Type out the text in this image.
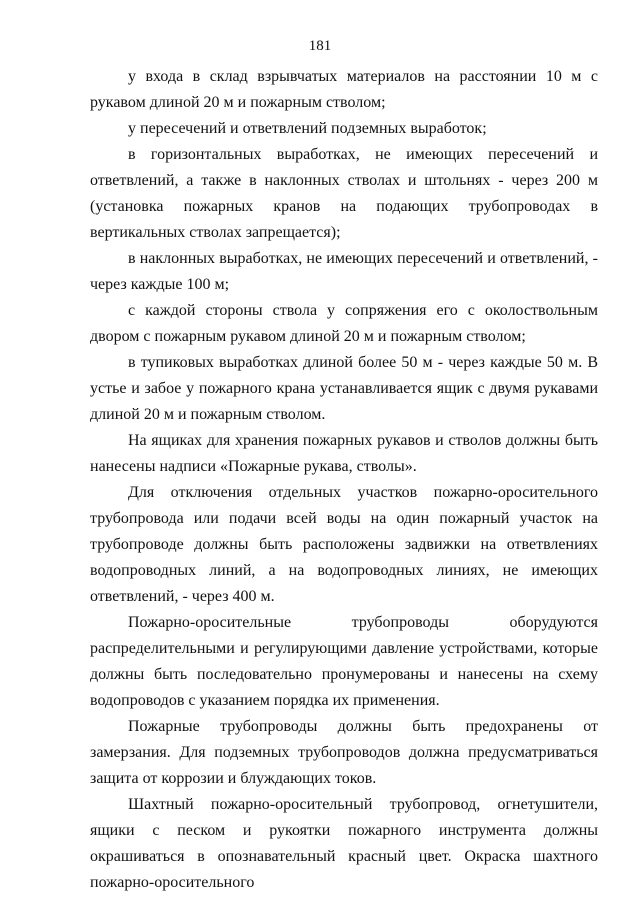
181

у входа в склад взрывчатых материалов на расстоянии 10 м с рукавом длиной 20 м и пожарным стволом;

у пересечений и ответвлений подземных выработок;

в горизонтальных выработках, не имеющих пересечений и ответвлений, а также в наклонных стволах и штольнях - через 200 м (установка пожарных кранов на подающих трубопроводах в вертикальных стволах запрещается);

в наклонных выработках, не имеющих пересечений и ответвлений, - через каждые 100 м;

с каждой стороны ствола у сопряжения его с околоствольным двором с пожарным рукавом длиной 20 м и пожарным стволом;

в тупиковых выработках длиной более 50 м - через каждые 50 м. В устье и забое у пожарного крана устанавливается ящик с двумя рукавами длиной 20 м и пожарным стволом.

На ящиках для хранения пожарных рукавов и стволов должны быть нанесены надписи «Пожарные рукава, стволы».

Для отключения отдельных участков пожарно-оросительного трубопровода или подачи всей воды на один пожарный участок на трубопроводе должны быть расположены задвижки на ответвлениях водопроводных линий, а на водопроводных линиях, не имеющих ответвлений, - через 400 м.

Пожарно-оросительные трубопроводы оборудуются распределительными и регулирующими давление устройствами, которые должны быть последовательно пронумерованы и нанесены на схему водопроводов с указанием порядка их применения.

Пожарные трубопроводы должны быть предохранены от замерзания. Для подземных трубопроводов должна предусматриваться защита от коррозии и блуждающих токов.

Шахтный пожарно-оросительный трубопровод, огнетушители, ящики с песком и рукоятки пожарного инструмента должны окрашиваться в опознавательный красный цвет. Окраска шахтного пожарно-оросительного
